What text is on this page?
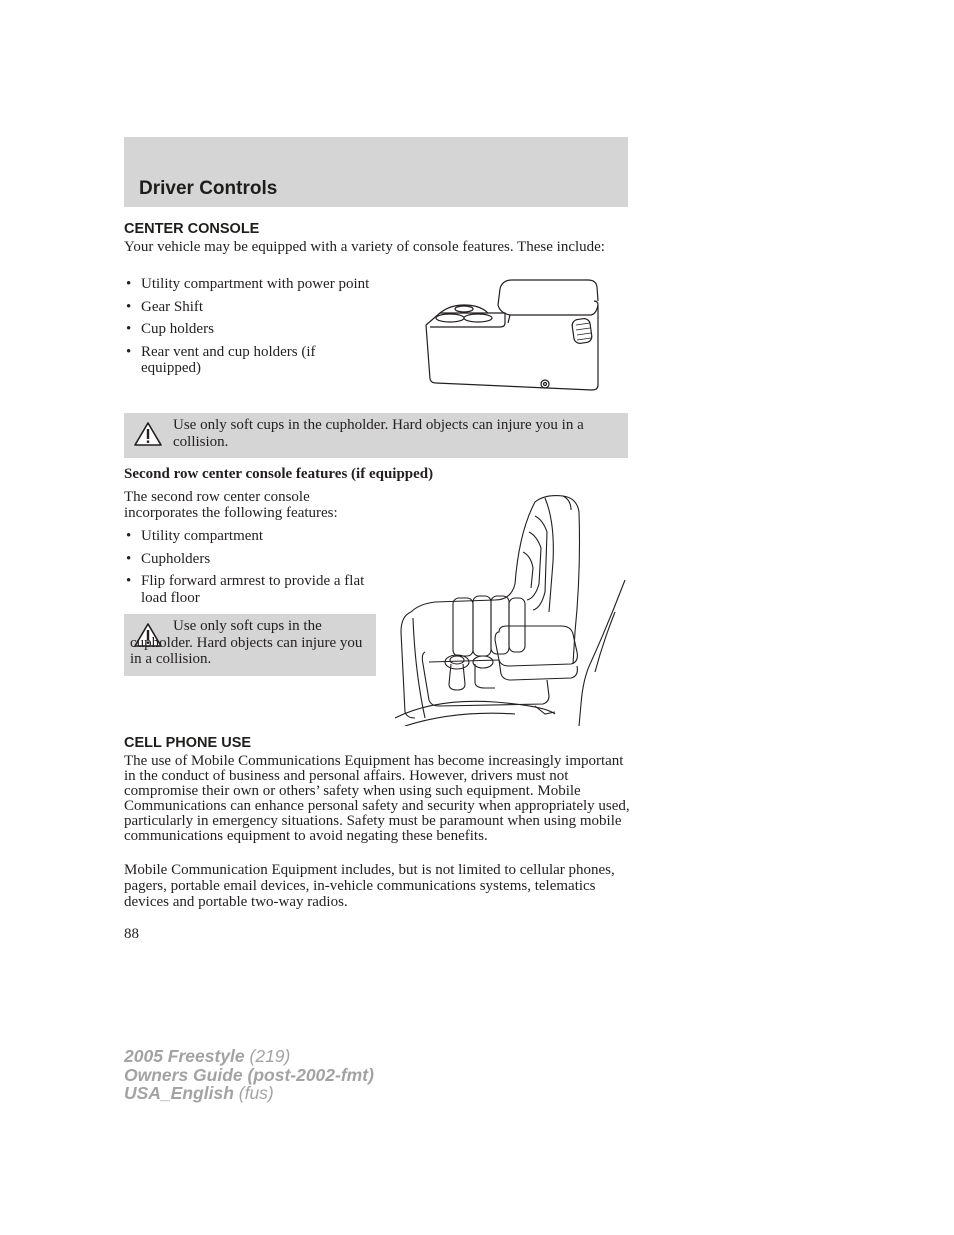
Driver Controls
CENTER CONSOLE
Your vehicle may be equipped with a variety of console features. These include:
• Utility compartment with power point
• Gear Shift
• Cup holders
• Rear vent and cup holders (if equipped)
Use only soft cups in the cupholder. Hard objects can injure you in a collision.
Second row center console features (if equipped)
The second row center console incorporates the following features:
• Utility compartment
• Cupholders
• Flip forward armrest to provide a flat load floor
Use only soft cups in the cupholder. Hard objects can injure you in a collision.
CELL PHONE USE
The use of Mobile Communications Equipment has become increasingly important in the conduct of business and personal affairs. However, drivers must not compromise their own or others’ safety when using such equipment. Mobile Communications can enhance personal safety and security when appropriately used, particularly in emergency situations. Safety must be paramount when using mobile communications equipment to avoid negating these benefits.
Mobile Communication Equipment includes, but is not limited to cellular phones, pagers, portable email devices, in-vehicle communications systems, telematics devices and portable two-way radios.
88
2005 Freestyle (219)
Owners Guide (post-2002-fmt)
USA_English (fus)
